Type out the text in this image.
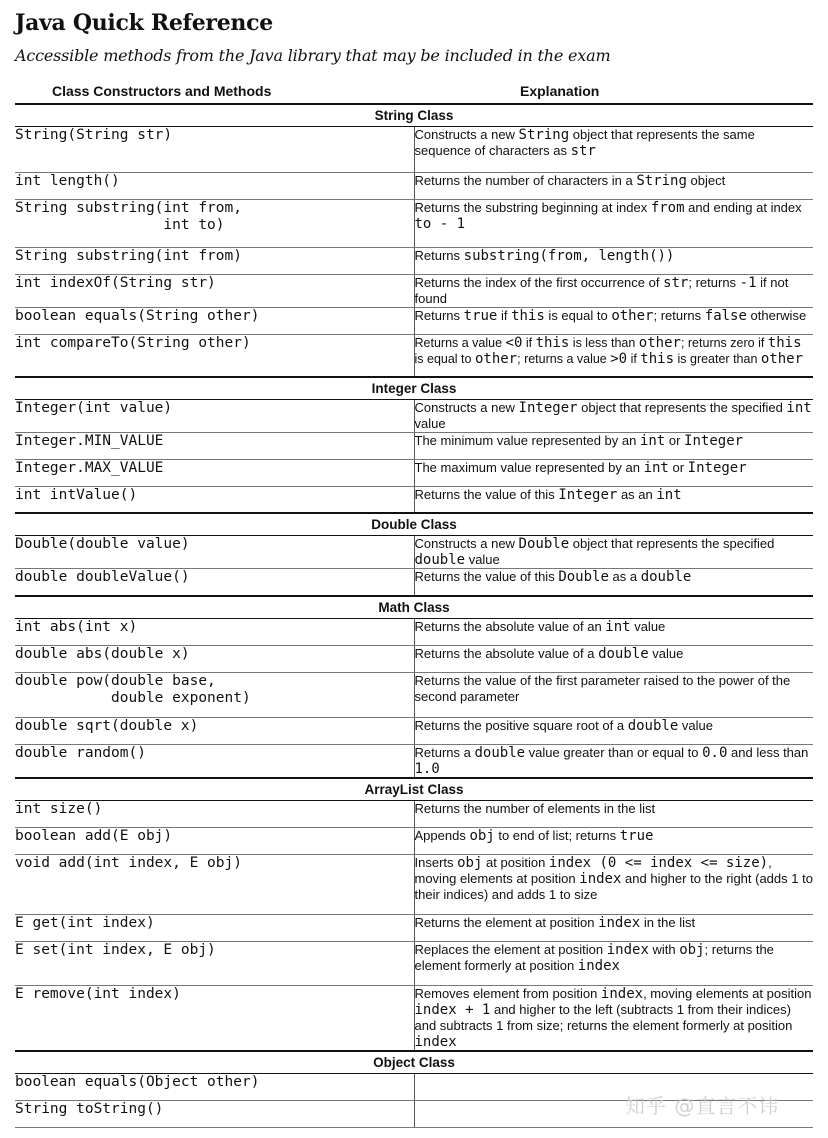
Java Quick Reference
Accessible methods from the Java library that may be included in the exam
Class Constructors and Methods	Explanation
String Class	
String(String str)	Constructs a new String object that represents the same sequence of characters as str
int length()	Returns the number of characters in a String object

String substring(int from,
int to)	Returns the substring beginning at index from and ending at index to - 1
String substring(int from)	Returns substring(from, length())
int indexOf(String str)	Returns the index of the first occurrence of str; returns -1 if not found
boolean equals(String other)	Returns true if this is equal to other; returns false otherwise
int compareTo(String other)	Returns a value <0 if this is less than other; returns zero if this is equal to other; returns a value >0 if this is greater than other
Integer Class	
Integer(int value)	Constructs a new Integer object that represents the specified int value
Integer.MIN_VALUE	The minimum value represented by an int or Integer
Integer.MAX_VALUE	The maximum value represented by an int or Integer
int intValue()	Returns the value of this Integer as an int
Double Class	
Double(double value)	Constructs a new Double object that represents the specified double value
double doubleValue()	Returns the value of this Double as a double
Math Class	
int abs(int x)	Returns the absolute value of an int value
double abs(double x)	Returns the absolute value of a double value

double pow(double base,
double exponent)	Returns the value of the first parameter raised to the power of the second parameter
double sqrt(double x)	Returns the positive square root of a double value
double random()	Returns a double value greater than or equal to 0.0 and less than 1.0
ArrayList Class	
int size()	Returns the number of elements in the list
boolean add(E obj)	Appends obj to end of list; returns true
void add(int index, E obj)	Inserts obj at position index (0 <= index <= size), moving elements at position index and higher to the right (adds 1 to their indices) and adds 1 to size
E get(int index)	Returns the element at position index in the list
E set(int index, E obj)	Replaces the element at position index with obj; returns the element formerly at position index
E remove(int index)	Removes element from position index, moving elements at position index + 1 and higher to the left (subtracts 1 from their indices) and subtracts 1 from size; returns the element formerly at position index
Object Class	
boolean equals(Object other)	
String toString()		知乎 @直言不讳
